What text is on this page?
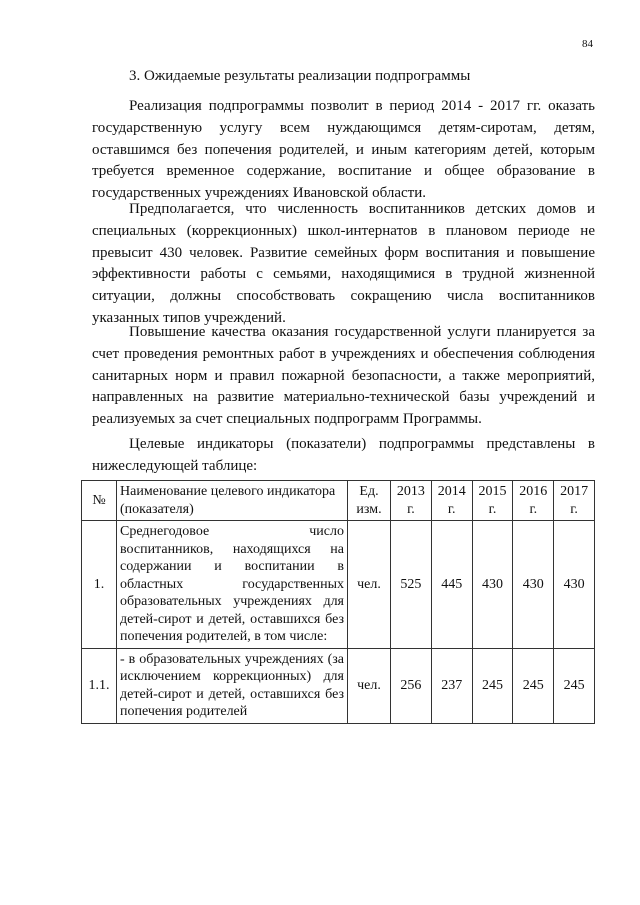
84
3. Ожидаемые результаты реализации подпрограммы

Реализация подпрограммы позволит в период 2014 - 2017 гг. оказать государственную услугу всем нуждающимся детям-сиротам, детям, оставшимся без попечения родителей, и иным категориям детей, которым требуется временное содержание, воспитание и общее образование в государственных учреждениях Ивановской области.

Предполагается, что численность воспитанников детских домов и специальных (коррекционных) школ-интернатов в плановом периоде не превысит 430 человек. Развитие семейных форм воспитания и повышение эффективности работы с семьями, находящимися в трудной жизненной ситуации, должны способствовать сокращению числа воспитанников указанных типов учреждений.

Повышение качества оказания государственной услуги планируется за счет проведения ремонтных работ в учреждениях и обеспечения соблюдения санитарных норм и правил пожарной безопасности, а также мероприятий, направленных на развитие материально-технической базы учреждений и реализуемых за счет специальных подпрограмм Программы.

Целевые индикаторы (показатели) подпрограммы представлены в нижеследующей таблице:

№	Наименование целевого индикатора (показателя)	Ед. изм.	2013 г.	2014 г.	2015 г.	2016 г.	2017 г.
1.	Среднегодовое число воспитанников, находящихся на содержании и воспитании в областных государственных образовательных учреждениях для детей-сирот и детей, оставшихся без попечения родителей, в том числе:	чел.	525	445	430	430	430
1.1.	- в образовательных учреждениях (за исключением коррекционных) для детей-сирот и детей, оставшихся без попечения родителей	чел.	256	237	245	245	245
